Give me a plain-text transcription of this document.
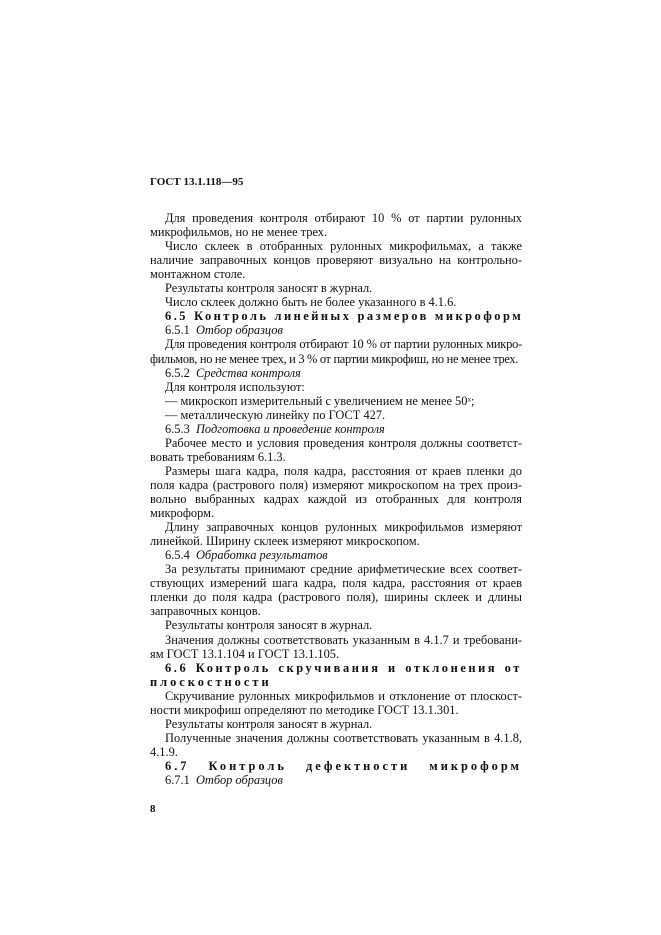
ГОСТ 13.1.118—95
Для проведения контроля отбирают 10 % от партии рулонных
микрофильмов, но не менее трех.
Число склеек в отобранных рулонных микрофильмах, а также
наличие заправочных концов проверяют визуально на контрольно-
монтажном столе.
Результаты контроля заносят в журнал.
Число склеек должно быть не более указанного в 4.1.6.
6.5 Контроль линейных размеров микроформ
6.5.1 Отбор образцов
Для проведения контроля отбирают 10 % от партии рулонных микро-
фильмов, но не менее трех, и 3 % от партии микрофиш, но не менее трех.
6.5.2 Средства контроля
Для контроля используют:
— микроскоп измерительный с увеличением не менее 50ˣ;
— металлическую линейку по ГОСТ 427.
6.5.3 Подготовка и проведение контроля
Рабочее место и условия проведения контроля должны соответст-
вовать требованиям 6.1.3.
Размеры шага кадра, поля кадра, расстояния от краев пленки до
поля кадра (растрового поля) измеряют микроскопом на трех произ-
вольно выбранных кадрах каждой из отобранных для контроля
микроформ.
Длину заправочных концов рулонных микрофильмов измеряют
линейкой. Ширину склеек измеряют микроскопом.
6.5.4 Обработка результатов
За результаты принимают средние арифметические всех соответ-
ствующих измерений шага кадра, поля кадра, расстояния от краев
пленки до поля кадра (растрового поля), ширины склеек и длины
заправочных концов.
Результаты контроля заносят в журнал.
Значения должны соответствовать указанным в 4.1.7 и требовани-
ям ГОСТ 13.1.104 и ГОСТ 13.1.105.
6.6 Контроль скручивания и отклонения от
плоскостности
Скручивание рулонных микрофильмов и отклонение от плоскост-
ности микрофиш определяют по методике ГОСТ 13.1.301.
Результаты контроля заносят в журнал.
Полученные значения должны соответствовать указанным в 4.1.8,
4.1.9.
6.7 Контроль дефектности микроформ
6.7.1 Отбор образцов
8
